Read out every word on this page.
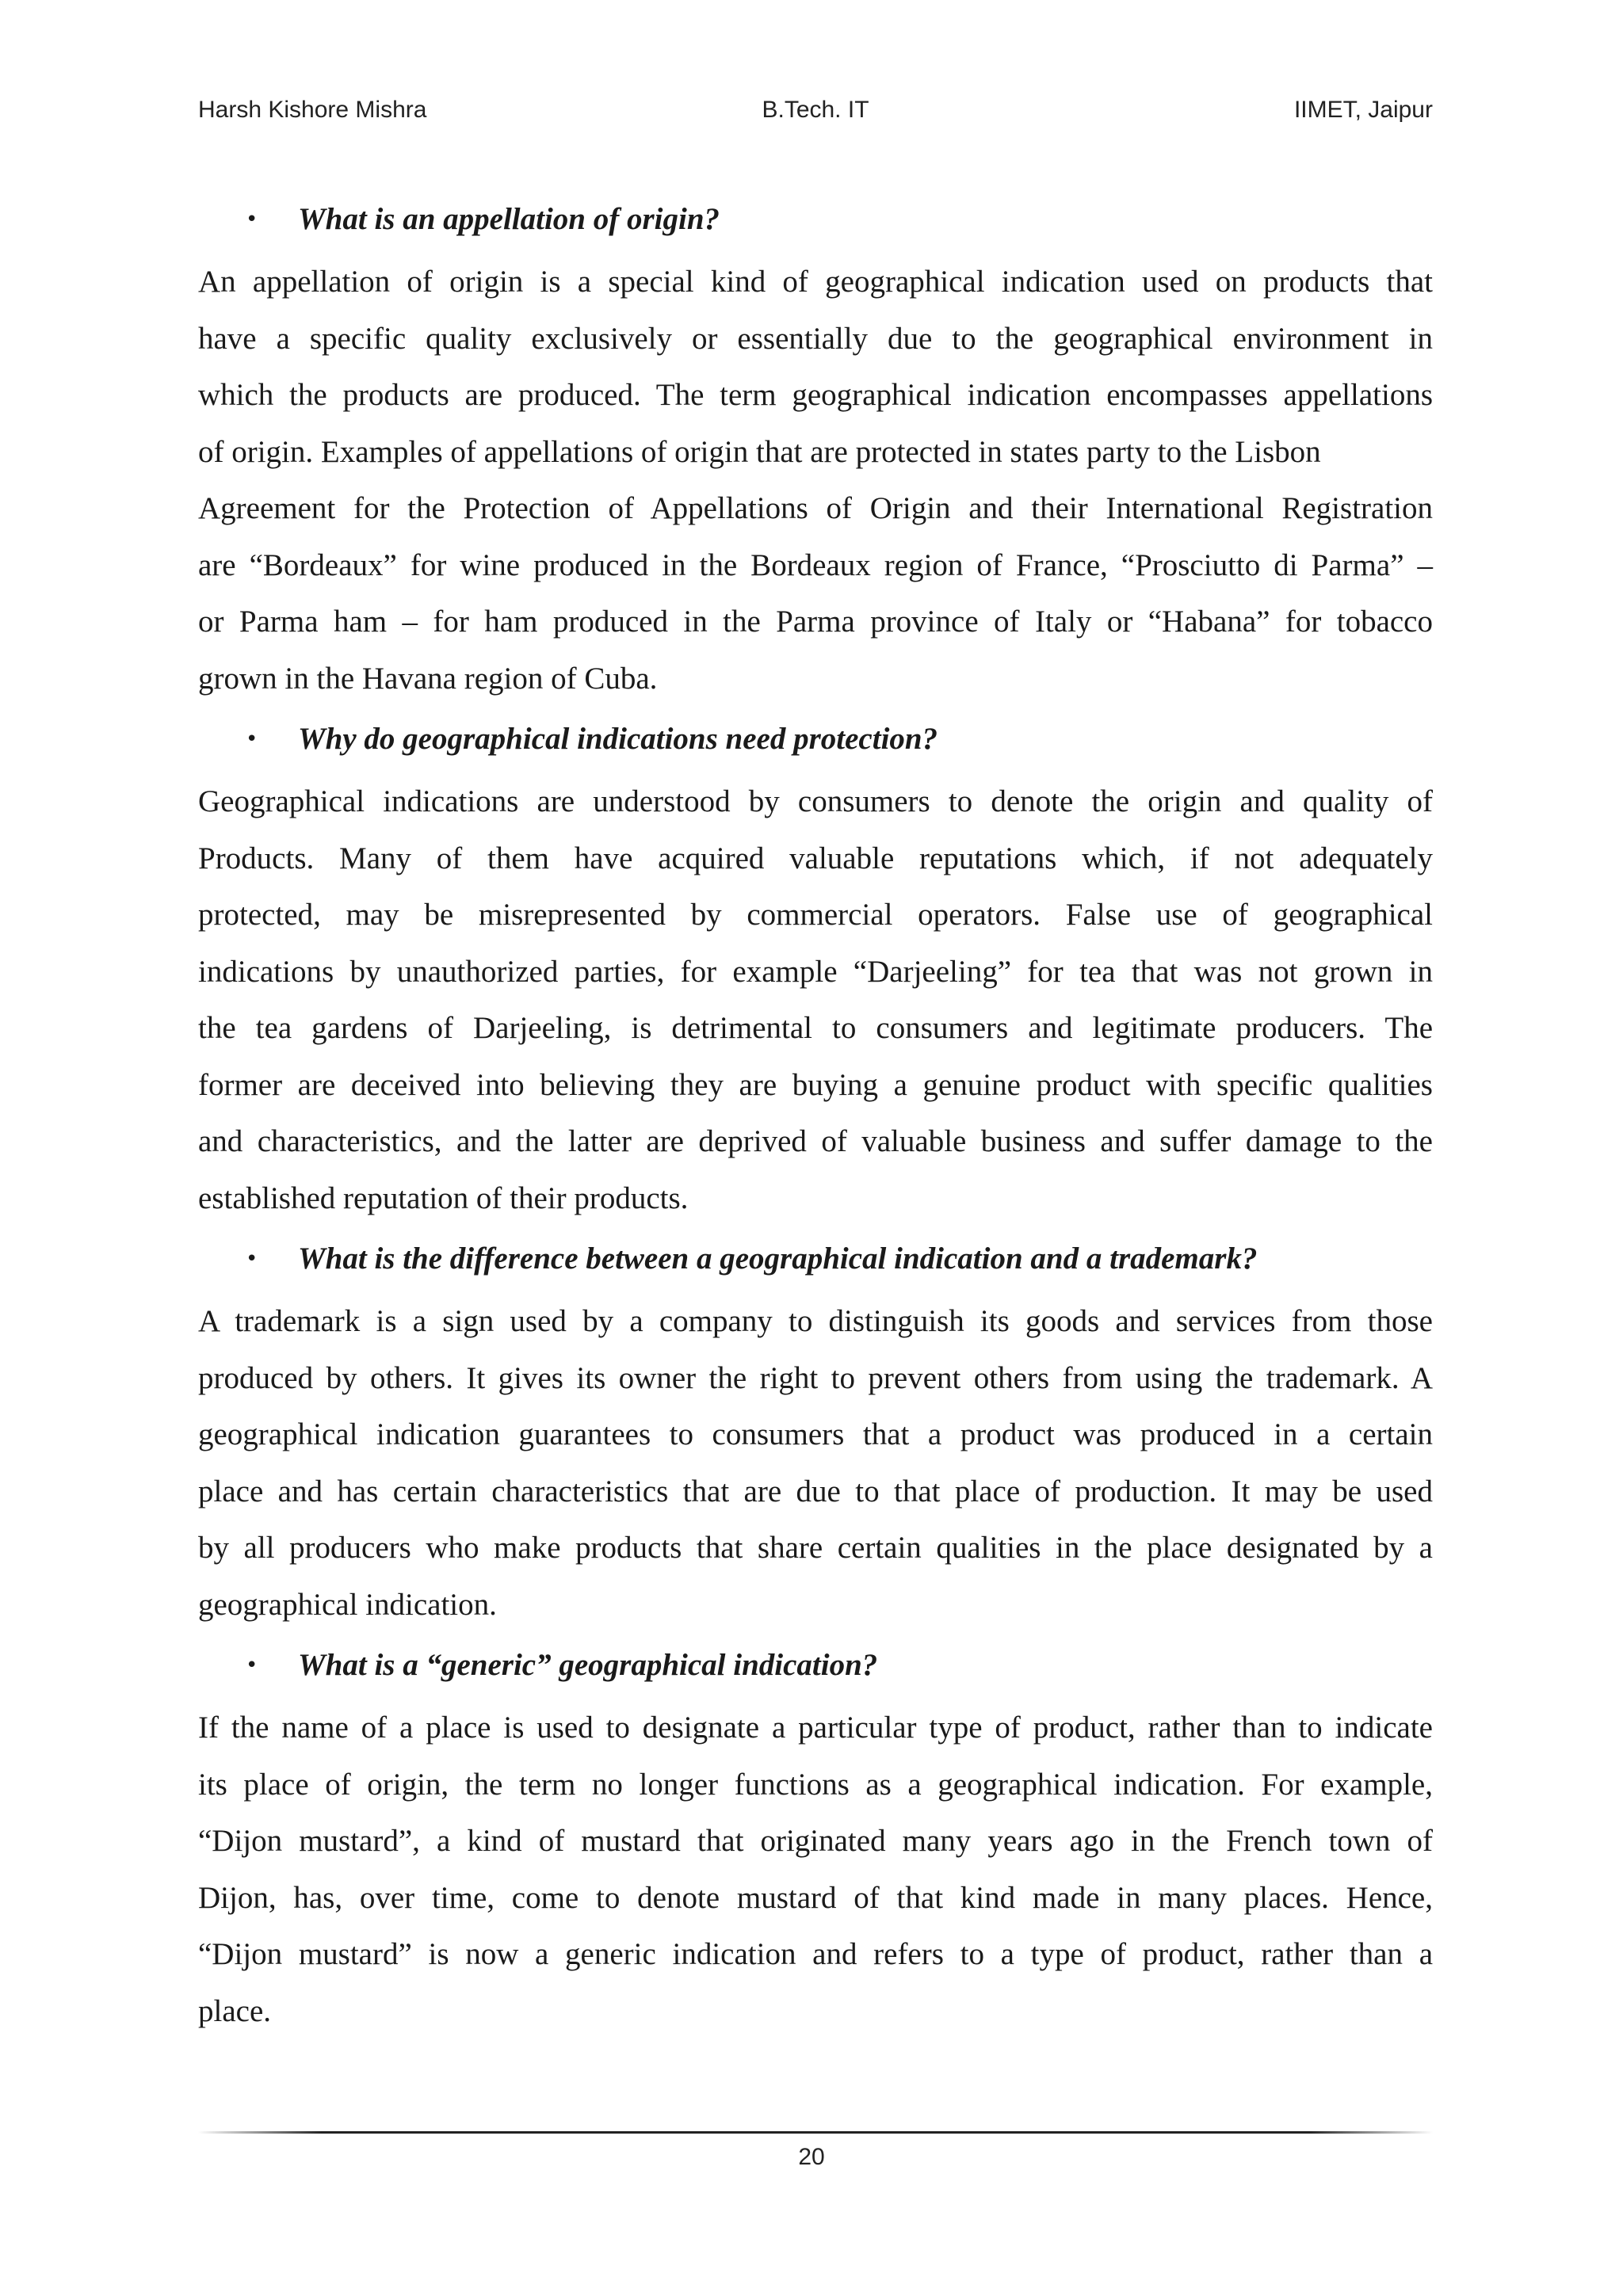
Harsh Kishore Mishra	B.Tech. IT	IIMET, Jaipur
• What is an appellation of origin?
An appellation of origin is a special kind of geographical indication used on products that
have a specific quality exclusively or essentially due to the geographical environment in
which the products are produced. The term geographical indication encompasses appellations
of origin. Examples of appellations of origin that are protected in states party to the Lisbon
Agreement for the Protection of Appellations of Origin and their International Registration
are “Bordeaux” for wine produced in the Bordeaux region of France, “Prosciutto di Parma” –
or Parma ham – for ham produced in the Parma province of Italy or “Habana” for tobacco
grown in the Havana region of Cuba.
• Why do geographical indications need protection?
Geographical indications are understood by consumers to denote the origin and quality of
Products. Many of them have acquired valuable reputations which, if not adequately
protected, may be misrepresented by commercial operators. False use of geographical
indications by unauthorized parties, for example “Darjeeling” for tea that was not grown in
the tea gardens of Darjeeling, is detrimental to consumers and legitimate producers. The
former are deceived into believing they are buying a genuine product with specific qualities
and characteristics, and the latter are deprived of valuable business and suffer damage to the
established reputation of their products.
• What is the difference between a geographical indication and a trademark?
A trademark is a sign used by a company to distinguish its goods and services from those
produced by others. It gives its owner the right to prevent others from using the trademark. A
geographical indication guarantees to consumers that a product was produced in a certain
place and has certain characteristics that are due to that place of production. It may be used
by all producers who make products that share certain qualities in the place designated by a
geographical indication.
• What is a “generic” geographical indication?
If the name of a place is used to designate a particular type of product, rather than to indicate
its place of origin, the term no longer functions as a geographical indication. For example,
“Dijon mustard”, a kind of mustard that originated many years ago in the French town of
Dijon, has, over time, come to denote mustard of that kind made in many places. Hence,
“Dijon mustard” is now a generic indication and refers to a type of product, rather than a
place.
20
